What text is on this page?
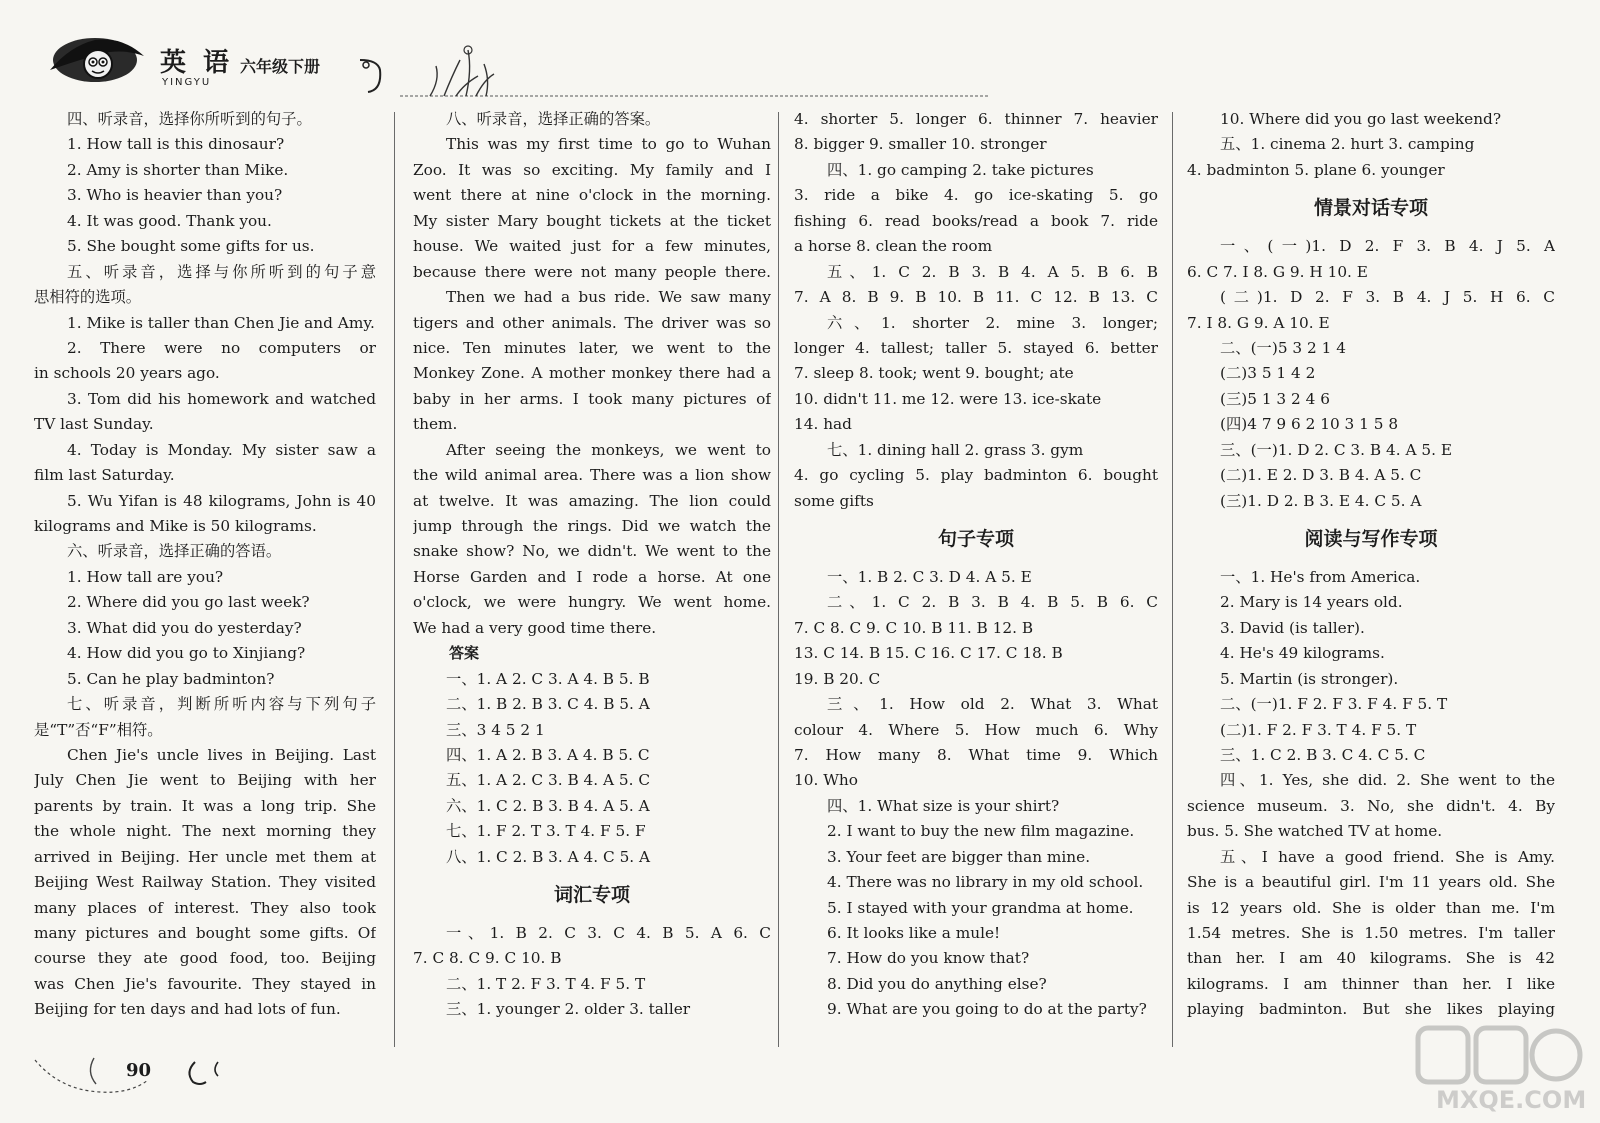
英 语
YINGYU
六年级下册
四、听录音，选择你所听到的句子。
1. How tall is this dinosaur?
2. Amy is shorter than Mike.
3. Who is heavier than you?
4. It was good. Thank you.
5. She bought some gifts for us.
五、听录音，选择与你所听到的句子意
思相符的选项。
1. Mike is taller than Chen Jie and Amy.
2. There were no computers or
in schools 20 years ago.
3. Tom did his homework and watched
TV last Sunday.
4. Today is Monday. My sister saw a
film last Saturday.
5. Wu Yifan is 48 kilograms, John is 40
kilograms and Mike is 50 kilograms.
六、听录音，选择正确的答语。
1. How tall are you?
2. Where did you go last week?
3. What did you do yesterday?
4. How did you go to Xinjiang?
5. Can he play badminton?
七、听录音，判断所听内容与下列句子
是“T”否“F”相符。
Chen Jie's uncle lives in Beijing. Last
July Chen Jie went to Beijing with her
parents by train. It was a long trip. She
the whole night. The next morning they
arrived in Beijing. Her uncle met them at
Beijing West Railway Station. They visited
many places of interest. They also took
many pictures and bought some gifts. Of
course they ate good food, too. Beijing
was Chen Jie's favourite. They stayed in
Beijing for ten days and had lots of fun.
八、听录音，选择正确的答案。
This was my first time to go to Wuhan
Zoo. It was so exciting. My family and I
went there at nine o'clock in the morning.
My sister Mary bought tickets at the ticket
house. We waited just for a few minutes,
because there were not many people there.
Then we had a bus ride. We saw many
tigers and other animals. The driver was so
nice. Ten minutes later, we went to the
Monkey Zone. A mother monkey there had a
baby in her arms. I took many pictures of
them.
After seeing the monkeys, we went to
the wild animal area. There was a lion show
at twelve. It was amazing. The lion could
jump through the rings. Did we watch the
snake show? No, we didn't. We went to the
Horse Garden and I rode a horse. At one
o'clock, we were hungry. We went home.
We had a very good time there.
答案
一、1. A 2. C 3. A 4. B 5. B
二、1. B 2. B 3. C 4. B 5. A
三、3 4 5 2 1
四、1. A 2. B 3. A 4. B 5. C
五、1. A 2. C 3. B 4. A 5. C
六、1. C 2. B 3. B 4. A 5. A
七、1. F 2. T 3. T 4. F 5. F
八、1. C 2. B 3. A 4. C 5. A
词汇专项
一、1. B 2. C 3. C 4. B 5. A 6. C
7. C 8. C 9. C 10. B
二、1. T 2. F 3. T 4. F 5. T
三、1. younger 2. older 3. taller
4. shorter 5. longer 6. thinner 7. heavier
8. bigger 9. smaller 10. stronger
四、1. go camping 2. take pictures
3. ride a bike 4. go ice-skating 5. go
fishing 6. read books/read a book 7. ride
a horse 8. clean the room
五、1. C 2. B 3. B 4. A 5. B 6. B
7. A 8. B 9. B 10. B 11. C 12. B 13. C
六、1. shorter 2. mine 3. longer;
longer 4. tallest; taller 5. stayed 6. better
7. sleep 8. took; went 9. bought; ate
10. didn't 11. me 12. were 13. ice-skate
14. had
七、1. dining hall 2. grass 3. gym
4. go cycling 5. play badminton 6. bought
some gifts
句子专项
一、1. B 2. C 3. D 4. A 5. E
二、1. C 2. B 3. B 4. B 5. B 6. C
7. C 8. C 9. C 10. B 11. B 12. B
13. C 14. B 15. C 16. C 17. C 18. B
19. B 20. C
三、1. How old 2. What 3. What
colour 4. Where 5. How much 6. Why
7. How many 8. What time 9. Which
10. Who
四、1. What size is your shirt?
2. I want to buy the new film magazine.
3. Your feet are bigger than mine.
4. There was no library in my old school.
5. I stayed with your grandma at home.
6. It looks like a mule!
7. How do you know that?
8. Did you do anything else?
9. What are you going to do at the party?
10. Where did you go last weekend?
五、1. cinema 2. hurt 3. camping
4. badminton 5. plane 6. younger
情景对话专项
一、(一)1. D 2. F 3. B 4. J 5. A
6. C 7. I 8. G 9. H 10. E
(二)1. D 2. F 3. B 4. J 5. H 6. C
7. I 8. G 9. A 10. E
二、(一)5 3 2 1 4
(二)3 5 1 4 2
(三)5 1 3 2 4 6
(四)4 7 9 6 2 10 3 1 5 8
三、(一)1. D 2. C 3. B 4. A 5. E
(二)1. E 2. D 3. B 4. A 5. C
(三)1. D 2. B 3. E 4. C 5. A
阅读与写作专项
一、1. He's from America.
2. Mary is 14 years old.
3. David (is taller).
4. He's 49 kilograms.
5. Martin (is stronger).
二、(一)1. F 2. F 3. F 4. F 5. T
(二)1. F 2. F 3. T 4. F 5. T
三、1. C 2. B 3. C 4. C 5. C
四、1. Yes, she did. 2. She went to the
science museum. 3. No, she didn't. 4. By
bus. 5. She watched TV at home.
五、I have a good friend. She is Amy.
She is a beautiful girl. I'm 11 years old. She
is 12 years old. She is older than me. I'm
1.54 metres. She is 1.50 metres. I'm taller
than her. I am 40 kilograms. She is 42
kilograms. I am thinner than her. I like
playing badminton. But she likes playing
90
MXQE.COM
